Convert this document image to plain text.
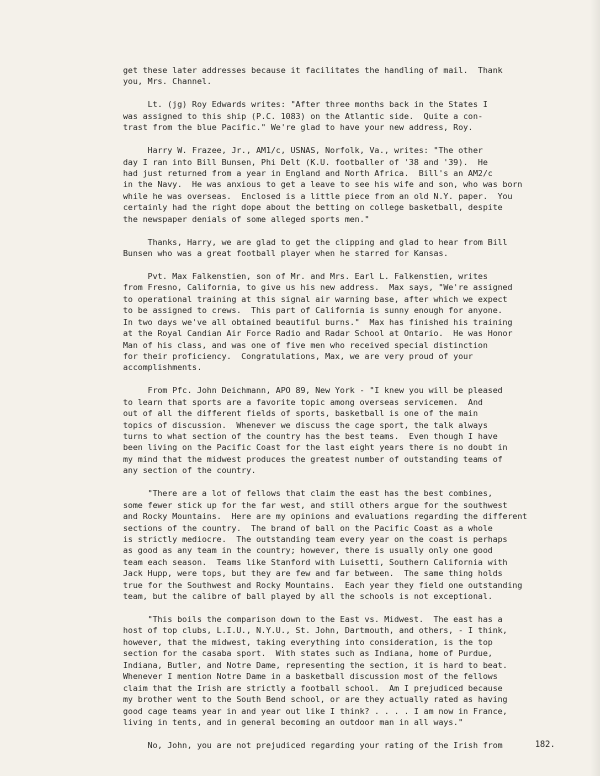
get these later addresses because it facilitates the handling of mail.  Thank
you, Mrs. Channel.
Lt. (jg) Roy Edwards writes: "After three months back in the States I
was assigned to this ship (P.C. 1083) on the Atlantic side.  Quite a con-
trast from the blue Pacific." We're glad to have your new address, Roy.
Harry W. Frazee, Jr., AM1/c, USNAS, Norfolk, Va., writes: "The other
day I ran into Bill Bunsen, Phi Delt (K.U. footballer of '38 and '39).  He
had just returned from a year in England and North Africa.  Bill's an AM2/c
in the Navy.  He was anxious to get a leave to see his wife and son, who was born
while he was overseas.  Enclosed is a little piece from an old N.Y. paper.  You
certainly had the right dope about the betting on college basketball, despite
the newspaper denials of some alleged sports men."
Thanks, Harry, we are glad to get the clipping and glad to hear from Bill
Bunsen who was a great football player when he starred for Kansas.
Pvt. Max Falkenstien, son of Mr. and Mrs. Earl L. Falkenstien, writes
from Fresno, California, to give us his new address.  Max says, "We're assigned
to operational training at this signal air warning base, after which we expect
to be assigned to crews.  This part of California is sunny enough for anyone.
In two days we've all obtained beautiful burns."  Max has finished his training
at the Royal Candian Air Force Radio and Radar School at Ontario.  He was Honor
Man of his class, and was one of five men who received special distinction
for their proficiency.  Congratulations, Max, we are very proud of your
accomplishments.
From Pfc. John Deichmann, APO 89, New York - "I knew you will be pleased
to learn that sports are a favorite topic among overseas servicemen.  And
out of all the different fields of sports, basketball is one of the main
topics of discussion.  Whenever we discuss the cage sport, the talk always
turns to what section of the country has the best teams.  Even though I have
been living on the Pacific Coast for the last eight years there is no doubt in
my mind that the midwest produces the greatest number of outstanding teams of
any section of the country.
"There are a lot of fellows that claim the east has the best combines,
some fewer stick up for the far west, and still others argue for the southwest
and Rocky Mountains.  Here are my opinions and evaluations regarding the different
sections of the country.  The brand of ball on the Pacific Coast as a whole
is strictly mediocre.  The outstanding team every year on the coast is perhaps
as good as any team in the country; however, there is usually only one good
team each season.  Teams like Stanford with Luisetti, Southern California with
Jack Hupp, were tops, but they are few and far between.  The same thing holds
true for the Southwest and Rocky Mountains.  Each year they field one outstanding
team, but the calibre of ball played by all the schools is not exceptional.
"This boils the comparison down to the East vs. Midwest.  The east has a
host of top clubs, L.I.U., N.Y.U., St. John, Dartmouth, and others, - I think,
however, that the midwest, taking everything into consideration, is the top
section for the casaba sport.  With states such as Indiana, home of Purdue,
Indiana, Butler, and Notre Dame, representing the section, it is hard to beat.
Whenever I mention Notre Dame in a basketball discussion most of the fellows
claim that the Irish are strictly a football school.  Am I prejudiced because
my brother went to the South Bend school, or are they actually rated as having
good cage teams year in and year out like I think? . . . . I am now in France,
living in tents, and in general becoming an outdoor man in all ways."
No, John, you are not prejudiced regarding your rating of the Irish from	182.
